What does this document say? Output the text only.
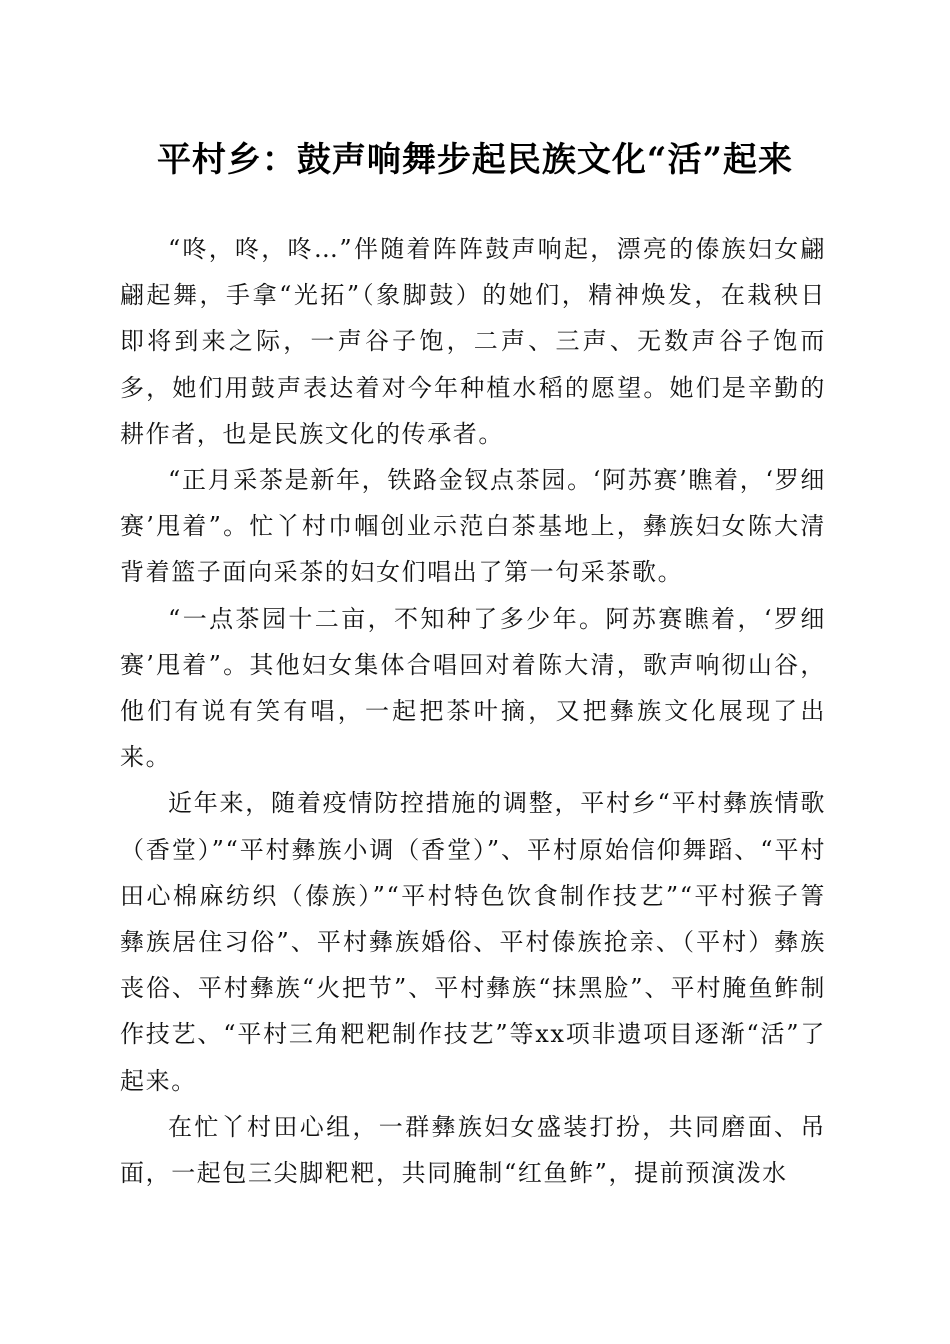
平村乡：鼓声响舞步起民族文化“活”起来

“咚，咚，咚…”伴随着阵阵鼓声响起，漂亮的傣族妇女翩翩起舞，手拿“光拓”（象脚鼓）的她们，精神焕发，在栽秧日即将到来之际，一声谷子饱，二声、三声、无数声谷子饱而多，她们用鼓声表达着对今年种植水稻的愿望。她们是辛勤的耕作者，也是民族文化的传承者。

“正月采茶是新年，铁路金钗点茶园。‘阿苏赛’瞧着，‘罗细赛’甩着”。忙丫村巾帼创业示范白茶基地上，彝族妇女陈大清背着篮子面向采茶的妇女们唱出了第一句采茶歌。

“一点茶园十二亩，不知种了多少年。阿苏赛瞧着，‘罗细赛’甩着”。其他妇女集体合唱回对着陈大清，歌声响彻山谷，他们有说有笑有唱，一起把茶叶摘，又把彝族文化展现了出来。

近年来，随着疫情防控措施的调整，平村乡“平村彝族情歌（香堂）”“平村彝族小调（香堂）”、平村原始信仰舞蹈、“平村田心棉麻纺织（傣族）”“平村特色饮食制作技艺”“平村猴子箐彝族居住习俗”、平村彝族婚俗、平村傣族抢亲、（平村）彝族丧俗、平村彝族“火把节”、平村彝族“抹黑脸”、平村腌鱼鲊制作技艺、“平村三角粑粑制作技艺”等xx项非遗项目逐渐“活”了起来。

在忙丫村田心组，一群彝族妇女盛装打扮，共同磨面、吊面，一起包三尖脚粑粑，共同腌制“红鱼鲊”，提前预演泼水
